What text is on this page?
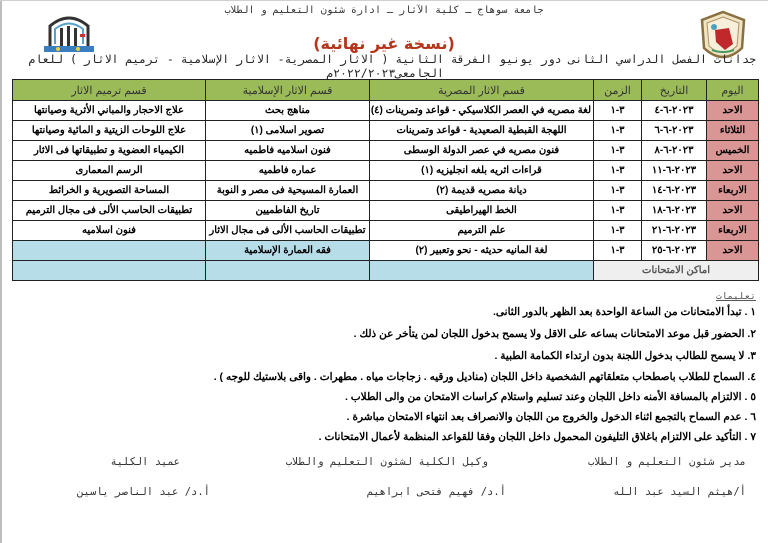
جامعة سوهاج ـ كلية الآثار ـ ادارة شئون التعليم و الطلاب
(نسخة غير نهائية)
جد
انات الفصل الدراسي الثانى دور يونيو الفرقة الثانية ( الاثار المصرية- الاثار الإسلامية - ترميم الاثار ) للعام الجامعي٢٠٢٢/٢٠٢٣م
اليوم	التاريخ	الزمن	قسم الاثار المصرية	قسم الاثار الإسلامية	قسم ترميم الاثار
الاحد	٢٠٢٣-٦-٤	٣-١	لغة مصريه في العصر الكلاسيكي - قواعد وتمرينات (٤)	مناهج بحث	علاج الاحجار والمباني الأثرية وصيانتها
الثلاثاء	٢٠٢٣-٦-٦	٣-١	اللهجة القبطية الصعيدية - قواعد وتمرينات	تصوير اسلامى (١)	علاج اللوحات الزيتية و المائية وصيانتها
الخميس	٢٠٢٣-٦-٨	٣-١	فنون مصريه في عصر الدولة الوسطى	فنون اسلاميه فاطميه	الكيمياء العضوية و تطبيقاتها فى الاثار
الاحد	٢٠٢٣-٦-١١	٣-١	قراءات اثريه بلغه انجليزيه (١)	عماره فاطميه	الرسم المعمارى
الاربعاء	٢٠٢٣-٦-١٤	٣-١	ديانة مصريه قديمة (٢)	العمارة المسيحية فى مصر و النوبة	المساحة التصويرية و الخرائط
الاحد	٢٠٢٣-٦-١٨	٣-١	الخط الهيراطيقى	تاريخ الفاطميين	تطبيقات الحاسب الألى فى مجال الترميم
الاربعاء	٢٠٢٣-٦-٢١	٣-١	علم الترميم	تطبيقات الحاسب الألى فى مجال الاثار	فنون اسلاميه
الاحد	٢٠٢٣-٦-٢٥	٣-١	لغة المانيه حديثه - نحو وتعبير (٢)	فقه العمارة الإسلامية	
اماكن الامتحانات					
تعليمات
١ . تبدأ الامتحانات من الساعة الواحدة بعد الظهر بالدور الثانى.
٢. الحضور قبل موعد الامتحانات بساعه على الاقل ولا يسمح بدخول اللجان لمن يتأخر عن ذلك .
٣. لا يسمح للطالب بدخول اللجنة بدون ارتداء الكمامة الطبية .
٤. السماح للطلاب باصطحاب متعلقاتهم الشخصية داخل اللجان (مناديل ورقيه . زجاجات مياه . مطهرات . واقى بلاستيك للوجه ) .
٥ . الالتزام بالمسافة الأمنه داخل اللجان وعند تسليم واستلام كراسات الامتحان من والى الطلاب .
٦ . عدم السماح بالتجمع اثناء الدخول والخروج من اللجان والانصراف بعد انتهاء الامتحان مباشرة .
٧ . التأكيد على الالتزام باغلاق التليفون المحمول داخل اللجان وفقا للقواعد المنظمة لأعمال الامتحانات .
مدير شئون التعليم و الطلاب
وكيل الكلية لشئون التعليم والطلاب
عميد الكلية
أ/هيثم السيد عبد الله
أ.د/ فهيم فتحى ابراهيم
أ.د/ عبد الناصر ياسين
